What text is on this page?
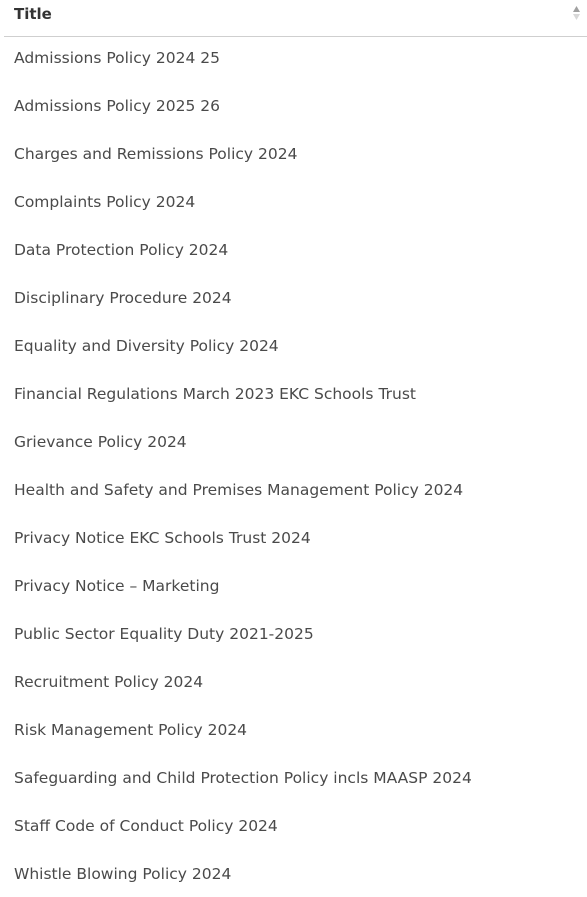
Title
Admissions Policy 2024 25
Admissions Policy 2025 26
Charges and Remissions Policy 2024
Complaints Policy 2024
Data Protection Policy 2024
Disciplinary Procedure 2024
Equality and Diversity Policy 2024
Financial Regulations March 2023 EKC Schools Trust
Grievance Policy 2024
Health and Safety and Premises Management Policy 2024
Privacy Notice EKC Schools Trust 2024
Privacy Notice – Marketing
Public Sector Equality Duty 2021-2025
Recruitment Policy 2024
Risk Management Policy 2024
Safeguarding and Child Protection Policy incls MAASP 2024
Staff Code of Conduct Policy 2024
Whistle Blowing Policy 2024
